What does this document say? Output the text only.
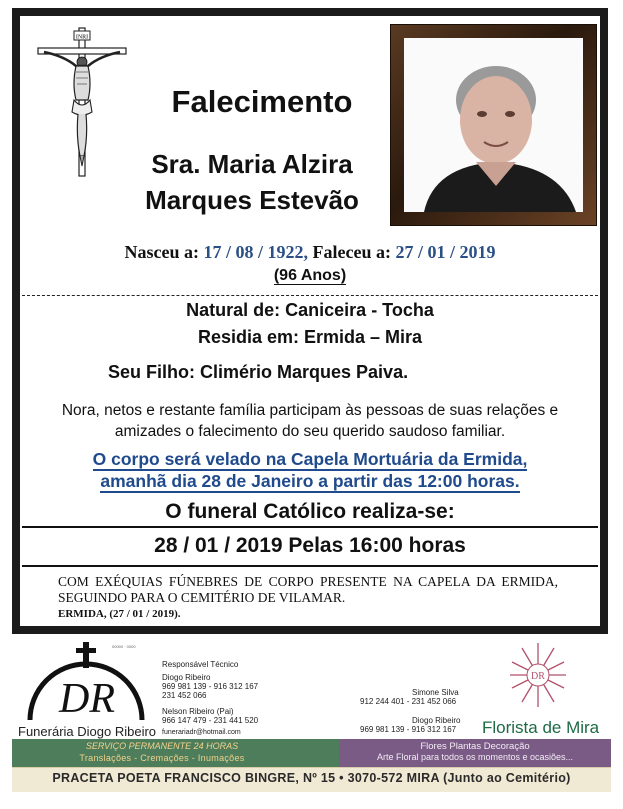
INRI
Falecimento
Sra. Maria Alzira
Marques Estevão
Nasceu a: 17 / 08 / 1922, Faleceu a: 27 / 01 / 2019
(96 Anos)
Natural de: Caniceira - Tocha
Residia em: Ermida – Mira
Seu Filho: Climério Marques Paiva.
Nora, netos e restante família participam às pessoas de suas relações e amizades o falecimento do seu querido saudoso familiar.
O corpo será velado na Capela Mortuária da Ermida,
amanhã dia 28 de Janeiro a partir das 12:00 horas.
O funeral Católico realiza-se:
28 / 01 / 2019 Pelas 16:00 horas
COM EXÉQUIAS FÚNEBRES DE CORPO PRESENTE NA CAPELA DA ERMIDA, SEGUINDO PARA O CEMITÉRIO DE VILAMAR.
ERMIDA, (27 / 01 / 2019).
DR
00000 · 0000
Funerária Diogo Ribeiro
Responsável Técnico
Diogo Ribeiro
969 981 139 - 916 312 167
231 452 066
Nelson Ribeiro (Pai)
966 147 479 - 231 441 520
funerariadr@hotmail.com
Simone Silva
912 244 401 - 231 452 066
Diogo Ribeiro
969 981 139 - 916 312 167
DR
Florista de Mira
SERVIÇO PERMANENTE 24 HORAS
Translações - Cremações - Inumações
Flores Plantas Decoração
Arte Floral para todos os momentos e ocasiões...
PRACETA POETA FRANCISCO BINGRE, Nº 15 • 3070-572 MIRA (Junto ao Cemitério)
